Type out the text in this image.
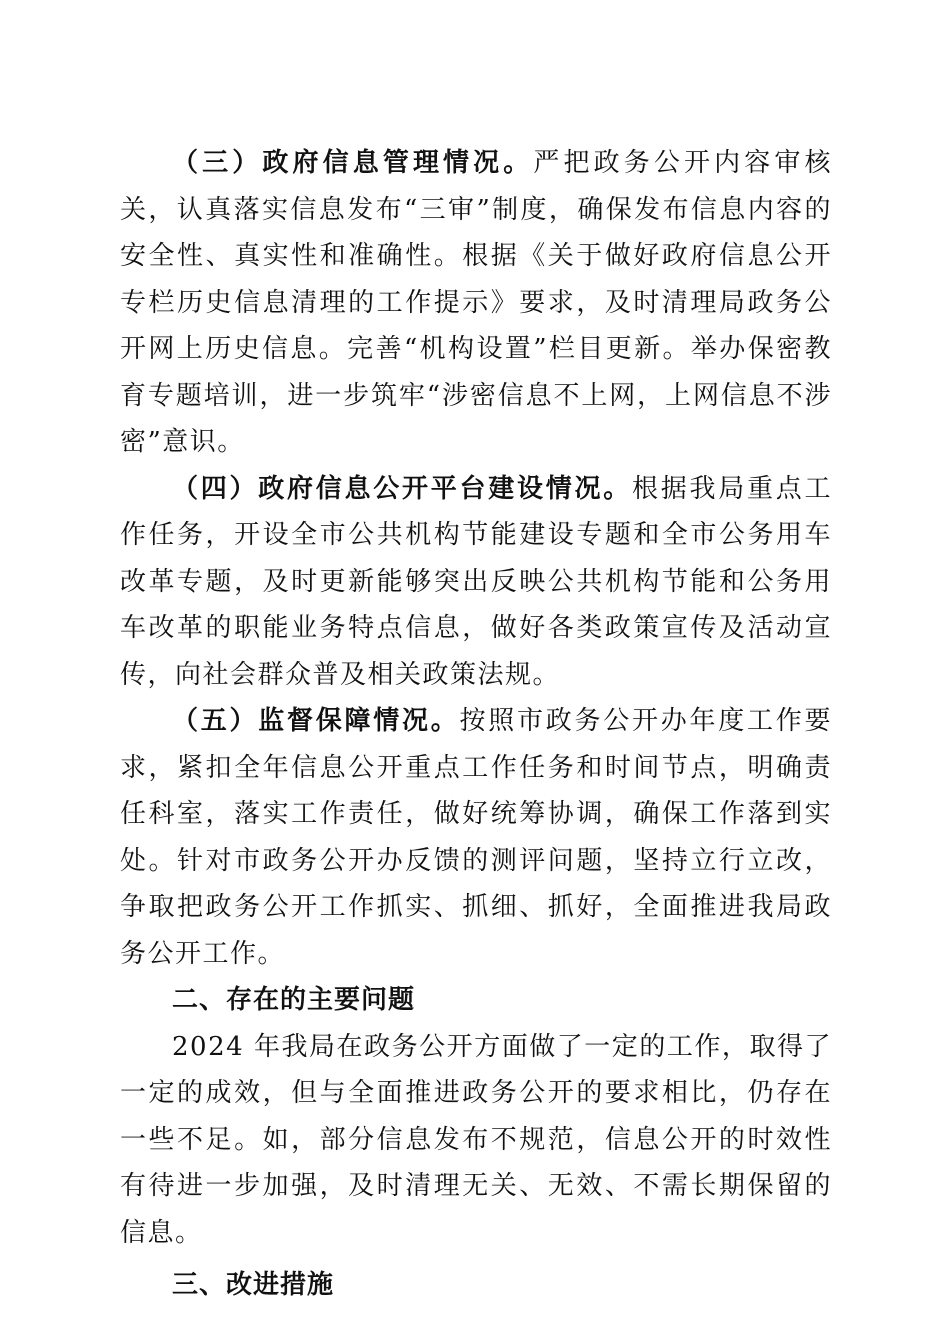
（三）政府信息管理情况。严把政务公开内容审核关，认真落实信息发布“三审”制度，确保发布信息内容的安全性、真实性和准确性。根据《关于做好政府信息公开专栏历史信息清理的工作提示》要求，及时清理局政务公开网上历史信息。完善“机构设置”栏目更新。举办保密教育专题培训，进一步筑牢“涉密信息不上网，上网信息不涉密”意识。

（四）政府信息公开平台建设情况。根据我局重点工作任务，开设全市公共机构节能建设专题和全市公务用车改革专题，及时更新能够突出反映公共机构节能和公务用车改革的职能业务特点信息，做好各类政策宣传及活动宣传，向社会群众普及相关政策法规。

（五）监督保障情况。按照市政务公开办年度工作要求，紧扣全年信息公开重点工作任务和时间节点，明确责任科室，落实工作责任，做好统筹协调，确保工作落到实处。针对市政务公开办反馈的测评问题，坚持立行立改，争取把政务公开工作抓实、抓细、抓好，全面推进我局政务公开工作。

二、存在的主要问题

2024 年我局在政务公开方面做了一定的工作，取得了一定的成效，但与全面推进政务公开的要求相比，仍存在一些不足。如，部分信息发布不规范，信息公开的时效性有待进一步加强，及时清理无关、无效、不需长期保留的信息。

三、改进措施
